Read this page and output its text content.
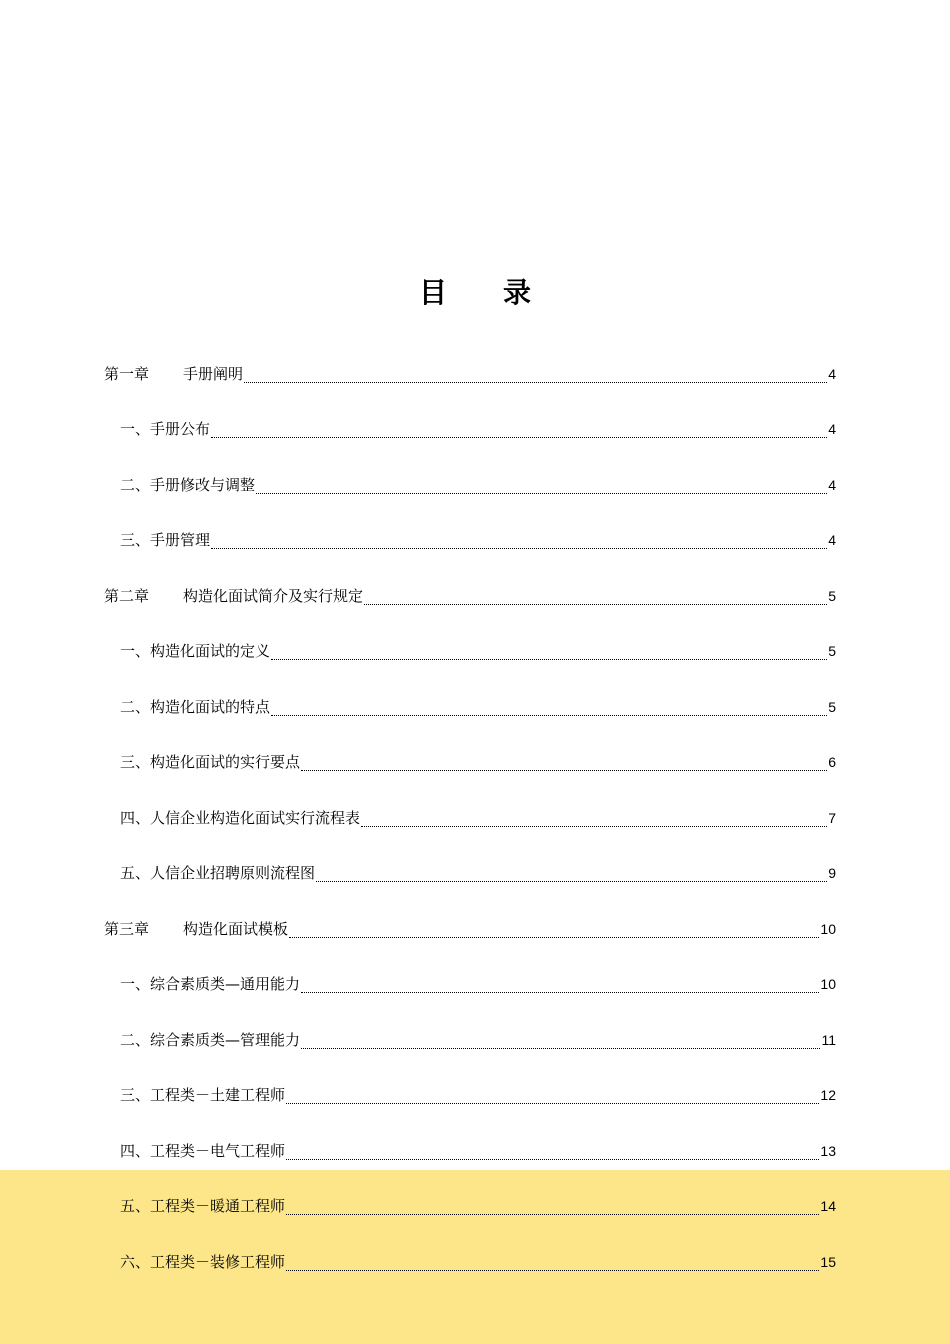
目 录
第一章 手册阐明	4
一、 手册公布	4
二、 手册修改与调整	4
三、 手册管理	4
第二章 构造化面试简介及实行规定	5
一、 构造化面试的定义	5
二、 构造化面试的特点	5
三、 构造化面试的实行要点	6
四、 人信企业构造化面试实行流程表	7
五、 人信企业招聘原则流程图	9
第三章 构造化面试模板	10
一、 综合素质类—通用能力	10
二、 综合素质类—管理能力	11
三、 工程类－土建工程师	12
四、 工程类－电气工程师	13
五、 工程类－暖通工程师	14
六、 工程类－装修工程师	15
